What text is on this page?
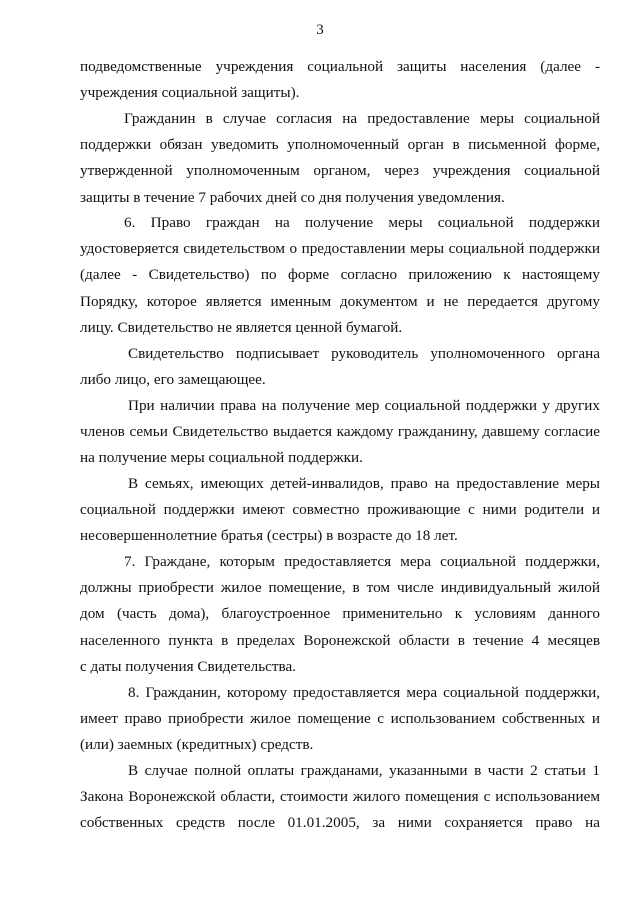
3

подведомственные учреждения социальной защиты населения (далее -
учреждения социальной защиты).

Гражданин в случае согласия на предоставление меры социальной
поддержки обязан уведомить уполномоченный орган в письменной форме,
утвержденной уполномоченным органом, через учреждения социальной
защиты в течение 7 рабочих дней со дня получения уведомления.

6. Право граждан на получение меры социальной поддержки
удостоверяется свидетельством о предоставлении меры социальной поддержки
(далее - Свидетельство) по форме согласно приложению к настоящему
Порядку, которое является именным документом и не передается другому
лицу. Свидетельство не является ценной бумагой.

Свидетельство подписывает руководитель уполномоченного органа
либо лицо, его замещающее.

При наличии права на получение мер социальной поддержки у других
членов семьи Свидетельство выдается каждому гражданину, давшему согласие
на получение меры социальной поддержки.

В семьях, имеющих детей-инвалидов, право на предоставление меры
социальной поддержки имеют совместно проживающие с ними родители и
несовершеннолетние братья (сестры) в возрасте до 18 лет.

7. Граждане, которым предоставляется мера социальной поддержки,
должны приобрести жилое помещение, в том числе индивидуальный жилой
дом (часть дома), благоустроенное применительно к условиям данного
населенного пункта в пределах Воронежской области в течение 4 месяцев
с даты получения Свидетельства.

8. Гражданин, которому предоставляется мера социальной поддержки,
имеет право приобрести жилое помещение с использованием собственных и
(или) заемных (кредитных) средств.

В случае полной оплаты гражданами, указанными в части 2 статьи 1
Закона Воронежской области, стоимости жилого помещения с использованием
собственных средств после 01.01.2005, за ними сохраняется право на
